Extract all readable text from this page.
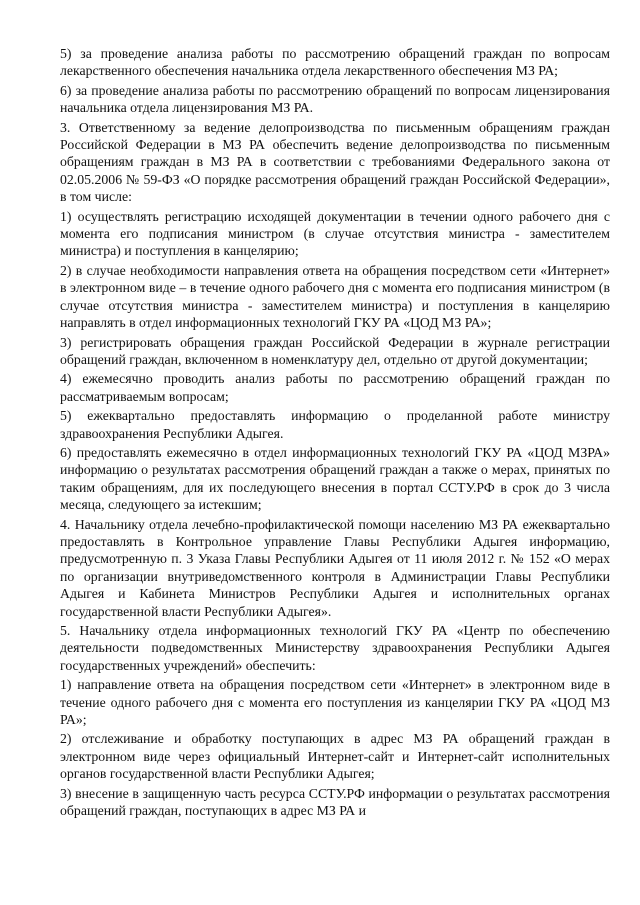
5) за проведение анализа работы по рассмотрению обращений граждан по вопросам лекарственного обеспечения начальника отдела лекарственного обеспечения МЗ РА;

6) за проведение анализа работы по рассмотрению обращений по вопросам лицензирования начальника отдела лицензирования МЗ РА.

3. Ответственному за ведение делопроизводства по письменным обращениям граждан Российской Федерации в МЗ РА обеспечить ведение делопроизводства по письменным обращениям граждан в МЗ РА в соответствии с требованиями Федерального закона от 02.05.2006 № 59-ФЗ «О порядке рассмотрения обращений граждан Российской Федерации», в том числе:

1) осуществлять регистрацию исходящей документации в течении одного рабочего дня с момента его подписания министром (в случае отсутствия министра - заместителем министра) и поступления в канцелярию;

2) в случае необходимости направления ответа на обращения посредством сети «Интернет» в электронном виде – в течение одного рабочего дня с момента его подписания министром (в случае отсутствия министра - заместителем министра) и поступления в канцелярию направлять в отдел информационных технологий ГКУ РА «ЦОД МЗ РА»;

3) регистрировать обращения граждан Российской Федерации в журнале регистрации обращений граждан, включенном в номенклатуру дел, отдельно от другой документации;

4) ежемесячно проводить анализ работы по рассмотрению обращений граждан по рассматриваемым вопросам;

5) ежеквартально предоставлять информацию о проделанной работе министру здравоохранения Республики Адыгея.

6) предоставлять ежемесячно в отдел информационных технологий ГКУ РА «ЦОД МЗРА» информацию о результатах рассмотрения обращений граждан а также о мерах, принятых по таким обращениям, для их последующего внесения в портал ССТУ.РФ в срок до 3 числа месяца, следующего за истекшим;

4. Начальнику отдела лечебно-профилактической помощи населению МЗ РА ежеквартально предоставлять в Контрольное управление Главы Республики Адыгея информацию, предусмотренную п. 3 Указа Главы Республики Адыгея от 11 июля 2012 г. № 152 «О мерах по организации внутриведомственного контроля в Администрации Главы Республики Адыгея и Кабинета Министров Республики Адыгея и исполнительных органах государственной власти Республики Адыгея».

5. Начальнику отдела информационных технологий ГКУ РА «Центр по обеспечению деятельности подведомственных Министерству здравоохранения Республики Адыгея государственных учреждений» обеспечить:

1) направление ответа на обращения посредством сети «Интернет» в электронном виде в течение одного рабочего дня с момента его поступления из канцелярии ГКУ РА «ЦОД МЗ РА»;

2) отслеживание и обработку поступающих в адрес МЗ РА обращений граждан в электронном виде через официальный Интернет-сайт и Интернет-сайт исполнительных органов государственной власти Республики Адыгея;

3) внесение в защищенную часть ресурса ССТУ.РФ информации о результатах рассмотрения обращений граждан, поступающих в адрес МЗ РА и
